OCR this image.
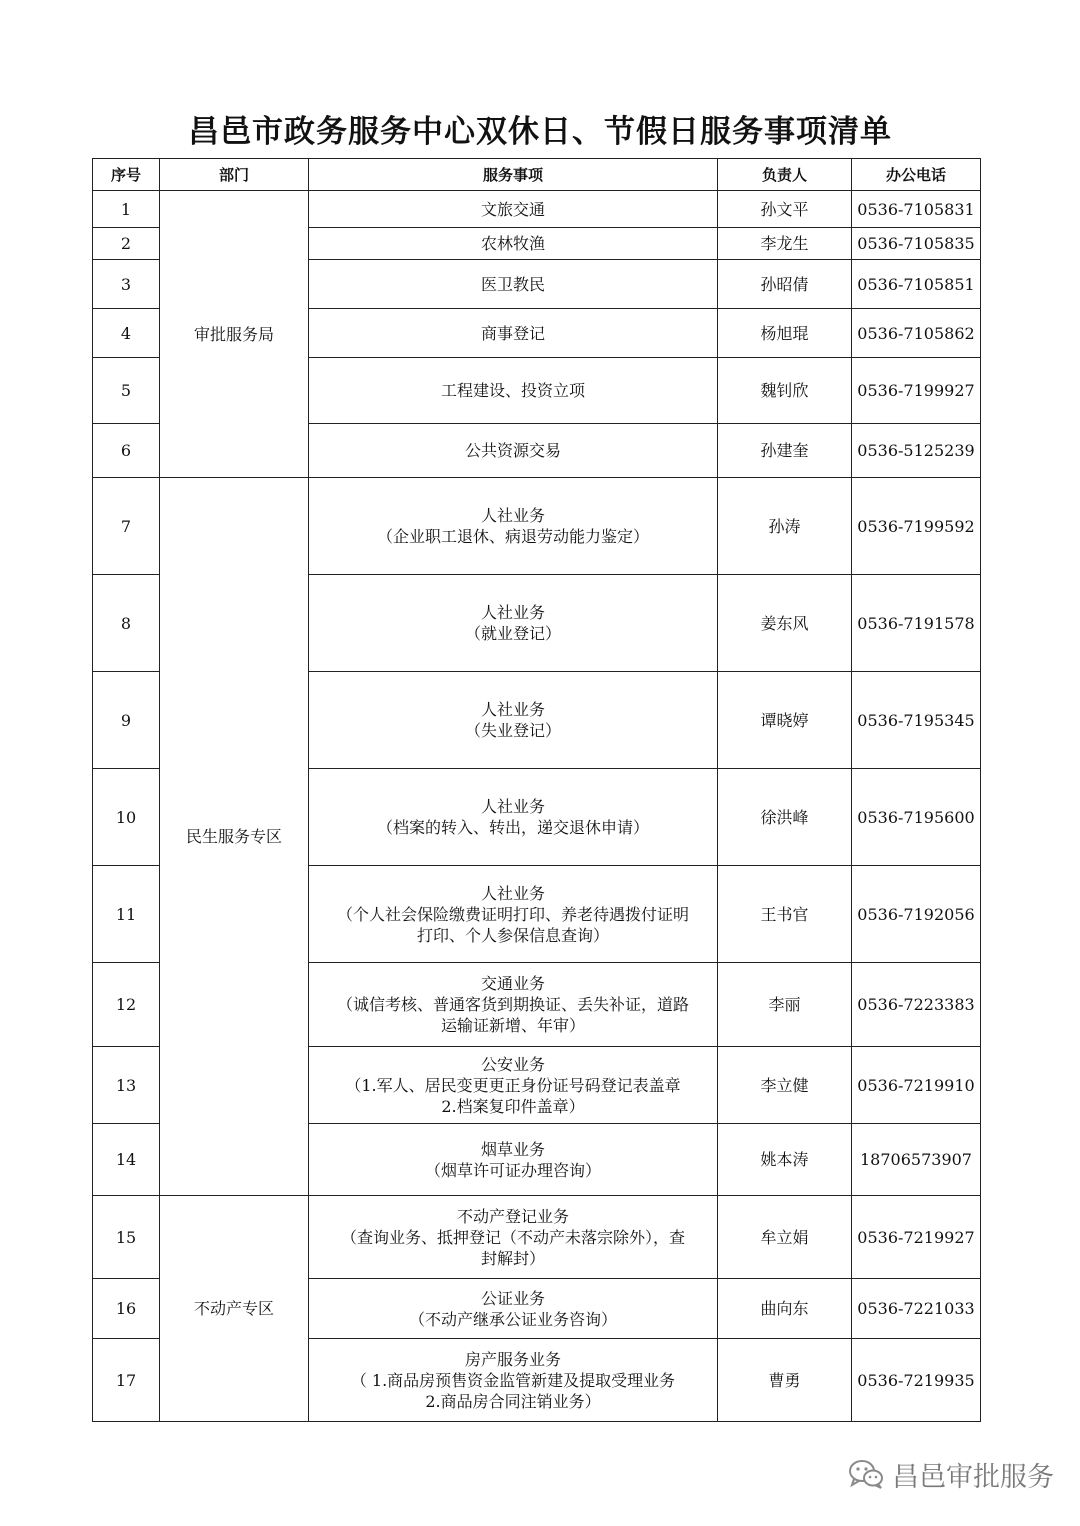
昌邑市政务服务中心双休日、节假日服务事项清单
序号	部门	服务事项	负责人	办公电话
1	审批服务局	文旅交通	孙文平	0536-7105831
2		农林牧渔	李龙生	0536-7105835
3		医卫教民	孙昭倩	0536-7105851
4		商事登记	杨旭琨	0536-7105862
5		工程建设、投资立项	魏钊欣	0536-7199927
6		公共资源交易	孙建奎	0536-5125239
7	民生服务专区	人社业务
（企业职工退休、病退劳动能力鉴定）	孙涛	0536-7199592
8		人社业务
（就业登记）	姜东风	0536-7191578
9		人社业务
（失业登记）	谭晓婷	0536-7195345
10		人社业务
（档案的转入、转出，递交退休申请）	徐洪峰	0536-7195600
11		人社业务
（个人社会保险缴费证明打印、养老待遇拨付证明
打印、个人参保信息查询）	王书官	0536-7192056
12		交通业务
（诚信考核、普通客货到期换证、丢失补证，道路
运输证新增、年审）	李丽	0536-7223383
13		公安业务
（1.军人、居民变更更正身份证号码登记表盖章
2.档案复印件盖章）	李立健	0536-7219910
14		烟草业务
（烟草许可证办理咨询）	姚本涛	18706573907
15	不动产专区	不动产登记业务
（查询业务、抵押登记（不动产未落宗除外），查
封解封）	牟立娟	0536-7219927
16		公证业务
（不动产继承公证业务咨询）	曲向东	0536-7221033
17		房产服务业务
（ 1.商品房预售资金监管新建及提取受理业务
2.商品房合同注销业务）	曹勇	0536-7219935
昌邑审批服务
